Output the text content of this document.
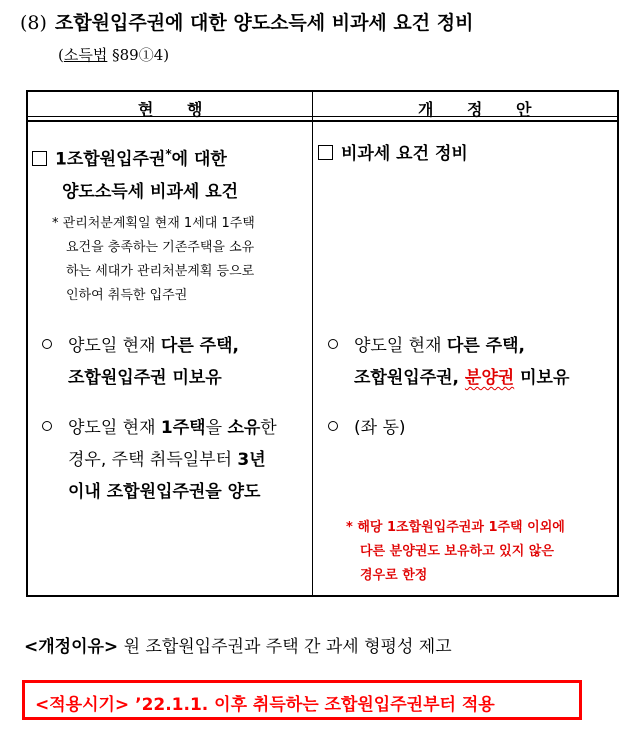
(8) 조합원입주권에 대한 양도소득세 비과세 요건 정비
(소득법 §89①4)
현 행	개 정 안
1조합원입주권*에 대한
양도소득세 비과세 요건
* 관리처분계획일 현재 1세대 1주택
요건을 충족하는 기존주택을 소유
하는 세대가 관리처분계획 등으로
인하여 취득한 입주권
양도일 현재 다른 주택,
조합원입주권 미보유
양도일 현재 1주택을 소유한
경우, 주택 취득일부터 3년
이내 조합원입주권을 양도
비과세 요건 정비
양도일 현재 다른 주택,
조합원입주권, 분양권 미보유
(좌 동)
* 해당 1조합원입주권과 1주택 이외에
다른 분양권도 보유하고 있지 않은
경우로 한정
<개정이유> 원 조합원입주권과 주택 간 과세 형평성 제고
<적용시기> ’22.1.1. 이후 취득하는 조합원입주권부터 적용
